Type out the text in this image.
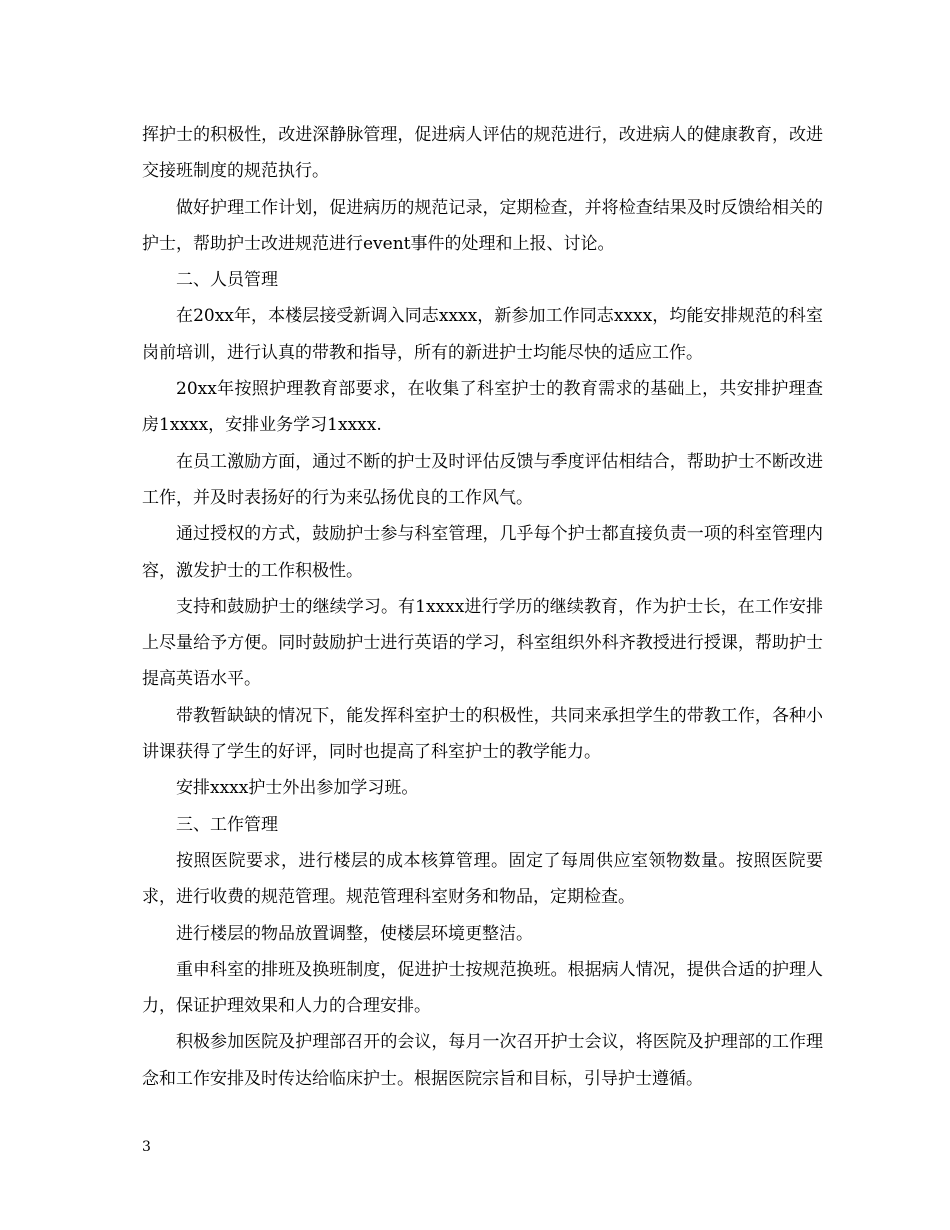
挥护士的积极性，改进深静脉管理，促进病人评估的规范进行，改进病人的健康教育，改进交接班制度的规范执行。

做好护理工作计划，促进病历的规范记录，定期检查，并将检查结果及时反馈给相关的护士，帮助护士改进规范进行event事件的处理和上报、讨论。

二、人员管理

在20xx年，本楼层接受新调入同志xxxx，新参加工作同志xxxx，均能安排规范的科室岗前培训，进行认真的带教和指导，所有的新进护士均能尽快的适应工作。

20xx年按照护理教育部要求，在收集了科室护士的教育需求的基础上，共安排护理查房1xxxx，安排业务学习1xxxx.

在员工激励方面，通过不断的护士及时评估反馈与季度评估相结合，帮助护士不断改进工作，并及时表扬好的行为来弘扬优良的工作风气。

通过授权的方式，鼓励护士参与科室管理，几乎每个护士都直接负责一项的科室管理内容，激发护士的工作积极性。

支持和鼓励护士的继续学习。有1xxxx进行学历的继续教育，作为护士长，在工作安排上尽量给予方便。同时鼓励护士进行英语的学习，科室组织外科齐教授进行授课，帮助护士提高英语水平。

带教暂缺缺的情况下，能发挥科室护士的积极性，共同来承担学生的带教工作，各种小讲课获得了学生的好评，同时也提高了科室护士的教学能力。

安排xxxx护士外出参加学习班。

三、工作管理

按照医院要求，进行楼层的成本核算管理。固定了每周供应室领物数量。按照医院要求，进行收费的规范管理。规范管理科室财务和物品，定期检查。

进行楼层的物品放置调整，使楼层环境更整洁。

重申科室的排班及换班制度，促进护士按规范换班。根据病人情况，提供合适的护理人力，保证护理效果和人力的合理安排。

积极参加医院及护理部召开的会议，每月一次召开护士会议，将医院及护理部的工作理念和工作安排及时传达给临床护士。根据医院宗旨和目标，引导护士遵循。

3
